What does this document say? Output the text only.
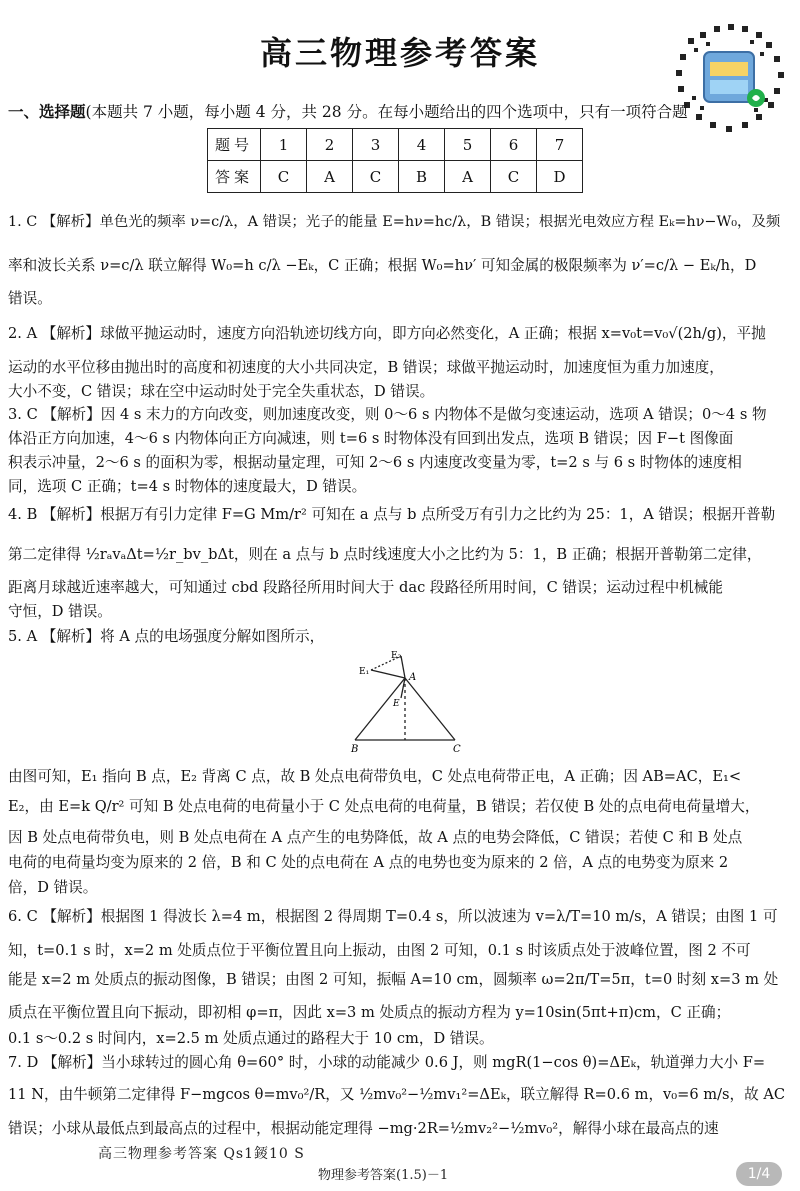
高三物理参考答案
一、选择题(本题共 7 小题，每小题 4 分，共 28 分。在每小题给出的四个选项中，只有一项符合题
题号	1	2	3	4	5	6	7
答案	C	A	C	B	A	C	D
1. C 【解析】单色光的频率 ν=c/λ，A 错误；光子的能量 E=hν=hc/λ，B 错误；根据光电效应方程 Eₖ=hν−W₀，及频
率和波长关系 ν=c/λ 联立解得 W₀=h c/λ −Eₖ，C 正确；根据 W₀=hν′ 可知金属的极限频率为 ν′=c/λ − Eₖ/h，D
错误。
2. A 【解析】球做平抛运动时，速度方向沿轨迹切线方向，即方向必然变化，A 正确；根据 x=v₀t=v₀√(2h/g)，平抛
运动的水平位移由抛出时的高度和初速度的大小共同决定，B 错误；球做平抛运动时，加速度恒为重力加速度，
大小不变，C 错误；球在空中运动时处于完全失重状态，D 错误。
3. C 【解析】因 4 s 末力的方向改变，则加速度改变，则 0～6 s 内物体不是做匀变速运动，选项 A 错误；0～4 s 物
体沿正方向加速，4～6 s 内物体向正方向减速，则 t=6 s 时物体没有回到出发点，选项 B 错误；因 F−t 图像面
积表示冲量，2～6 s 的面积为零，根据动量定理，可知 2～6 s 内速度改变量为零，t=2 s 与 6 s 时物体的速度相
同，选项 C 正确；t=4 s 时物体的速度最大，D 错误。
4. B 【解析】根据万有引力定律 F=G Mm/r² 可知在 a 点与 b 点所受万有引力之比约为 25：1，A 错误；根据开普勒
第二定律得 ½rₐvₐΔt=½r_bv_bΔt，则在 a 点与 b 点时线速度大小之比约为 5：1，B 正确；根据开普勒第二定律，
距离月球越近速率越大，可知通过 cbd 段路径所用时间大于 dac 段路径所用时间，C 错误；运动过程中机械能
守恒，D 错误。
5. A 【解析】将 A 点的电场强度分解如图所示，
E₂
E₁	A
E
B	C
由图可知，E₁ 指向 B 点，E₂ 背离 C 点，故 B 处点电荷带负电，C 处点电荷带正电，A 正确；因 AB=AC，E₁<
E₂，由 E=k Q/r² 可知 B 处点电荷的电荷量小于 C 处点电荷的电荷量，B 错误；若仅使 B 处的点电荷电荷量增大，
因 B 处点电荷带负电，则 B 处点电荷在 A 点产生的电势降低，故 A 点的电势会降低，C 错误；若使 C 和 B 处点
电荷的电荷量均变为原来的 2 倍，B 和 C 处的点电荷在 A 点的电势也变为原来的 2 倍，A 点的电势变为原来 2
倍，D 错误。
6. C 【解析】根据图 1 得波长 λ=4 m，根据图 2 得周期 T=0.4 s，所以波速为 v=λ/T=10 m/s，A 错误；由图 1 可
知，t=0.1 s 时，x=2 m 处质点位于平衡位置且向上振动，由图 2 可知，0.1 s 时该质点处于波峰位置，图 2 不可
能是 x=2 m 处质点的振动图像，B 错误；由图 2 可知，振幅 A=10 cm，圆频率 ω=2π/T=5π，t=0 时刻 x=3 m 处
质点在平衡位置且向下振动，即初相 φ=π，因此 x=3 m 处质点的振动方程为 y=10sin(5πt+π)cm，C 正确；
0.1 s～0.2 s 时间内，x=2.5 m 处质点通过的路程大于 10 cm，D 错误。
7. D 【解析】当小球转过的圆心角 θ=60° 时，小球的动能减少 0.6 J，则 mgR(1−cos θ)=ΔEₖ，轨道弹力大小 F=
11 N，由牛顿第二定律得 F−mgcos θ=mv₀²/R，又 ½mv₀²−½mv₁²=ΔEₖ，联立解得 R=0.6 m，v₀=6 m/s，故 AC
错误；小球从最低点到最高点的过程中，根据动能定理得 −mg·2R=½mv₂²−½mv₀²，解得小球在最高点的速
高三物理参考答案 Qs1錽10 S
物理参考答案(1.5)－1	1/4
